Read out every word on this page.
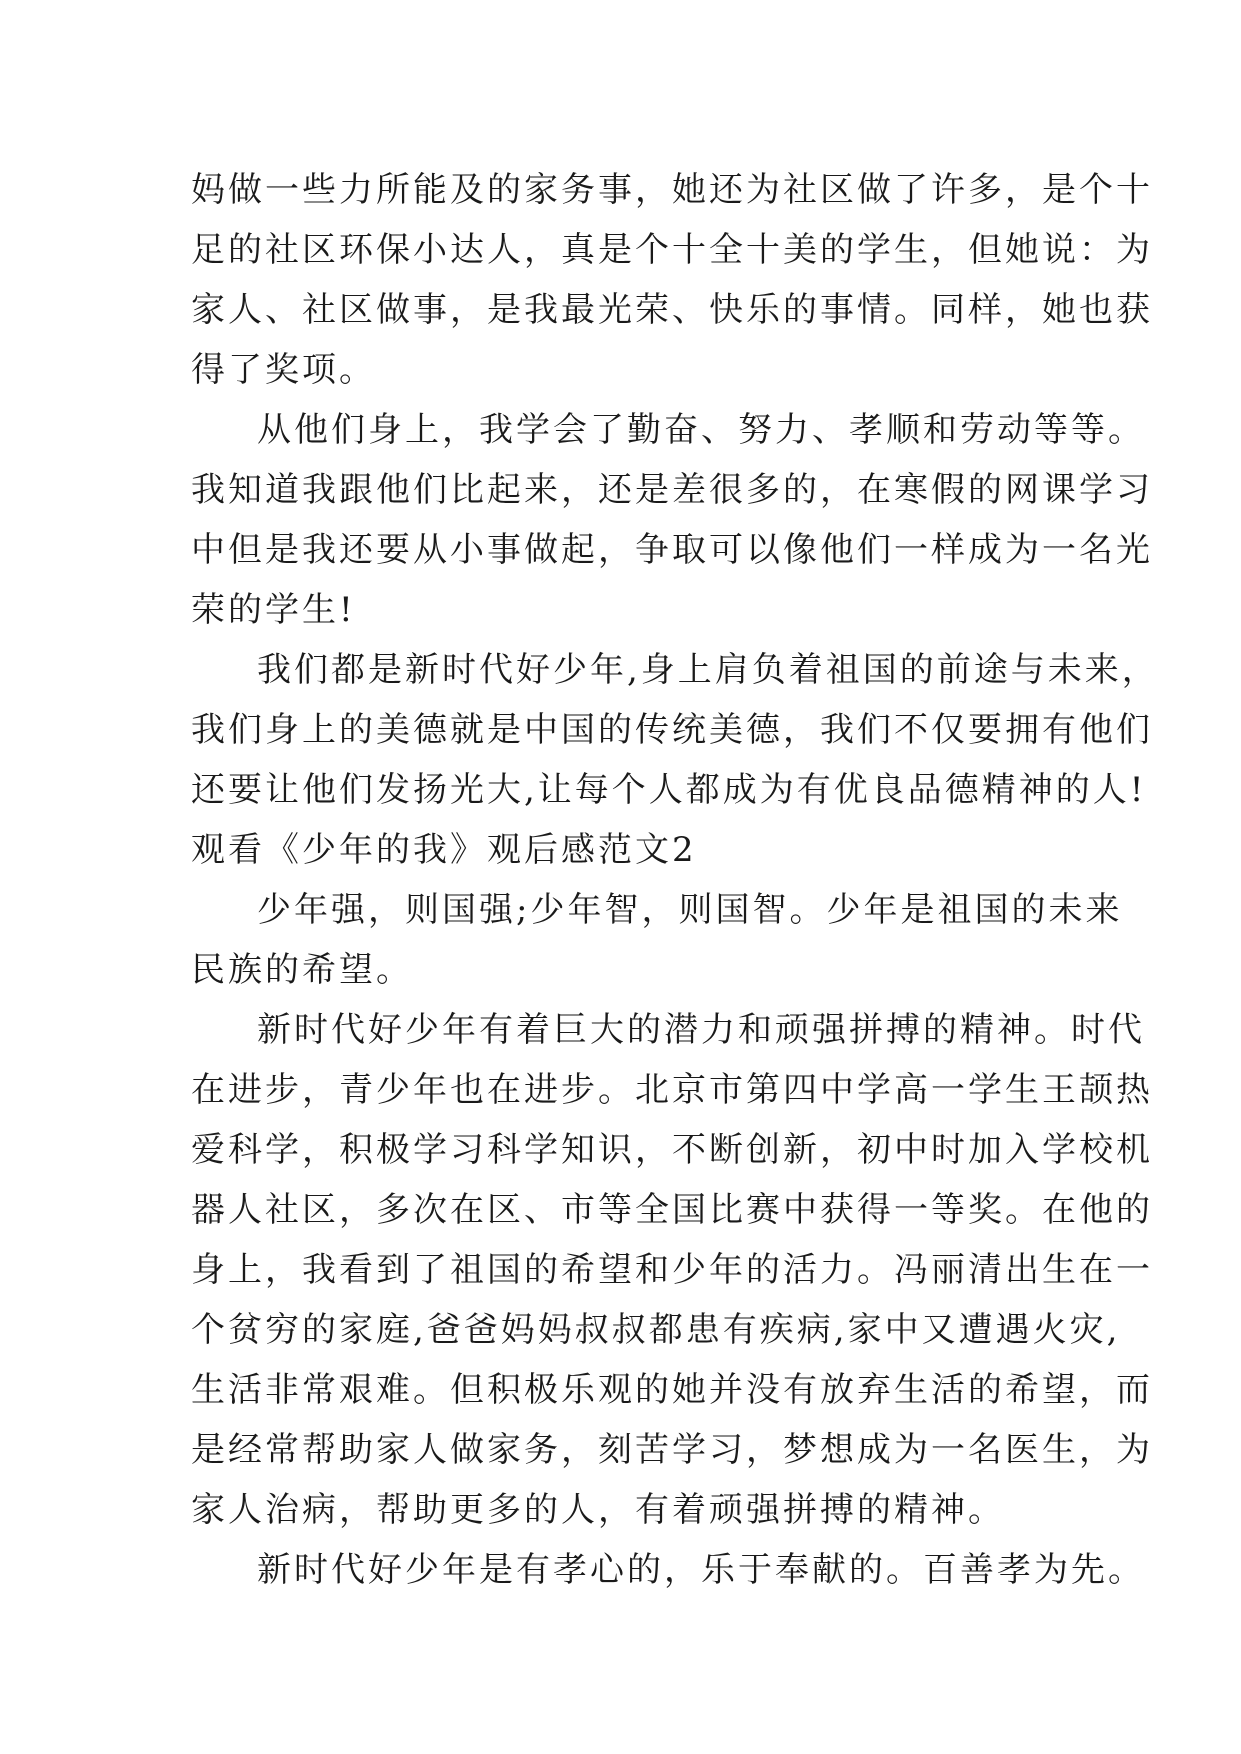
妈做一些力所能及的家务事，她还为社区做了许多，是个十
足的社区环保小达人，真是个十全十美的学生，但她说：为
家人、社区做事，是我最光荣、快乐的事情。同样，她也获
得了奖项。
从他们身上，我学会了勤奋、努力、孝顺和劳动等等。
我知道我跟他们比起来，还是差很多的，在寒假的网课学习
中但是我还要从小事做起，争取可以像他们一样成为一名光
荣的学生!
我们都是新时代好少年,身上肩负着祖国的前途与未来，
我们身上的美德就是中国的传统美德，我们不仅要拥有他们
还要让他们发扬光大,让每个人都成为有优良品德精神的人!
观看《少年的我》观后感范文2
少年强，则国强;少年智，则国智。少年是祖国的未来
民族的希望。
新时代好少年有着巨大的潜力和顽强拼搏的精神。时代
在进步，青少年也在进步。北京市第四中学高一学生王颉热
爱科学，积极学习科学知识，不断创新，初中时加入学校机
器人社区，多次在区、市等全国比赛中获得一等奖。在他的
身上，我看到了祖国的希望和少年的活力。冯丽清出生在一
个贫穷的家庭,爸爸妈妈叔叔都患有疾病,家中又遭遇火灾,
生活非常艰难。但积极乐观的她并没有放弃生活的希望，而
是经常帮助家人做家务，刻苦学习，梦想成为一名医生，为
家人治病，帮助更多的人，有着顽强拼搏的精神。
新时代好少年是有孝心的，乐于奉献的。百善孝为先。
